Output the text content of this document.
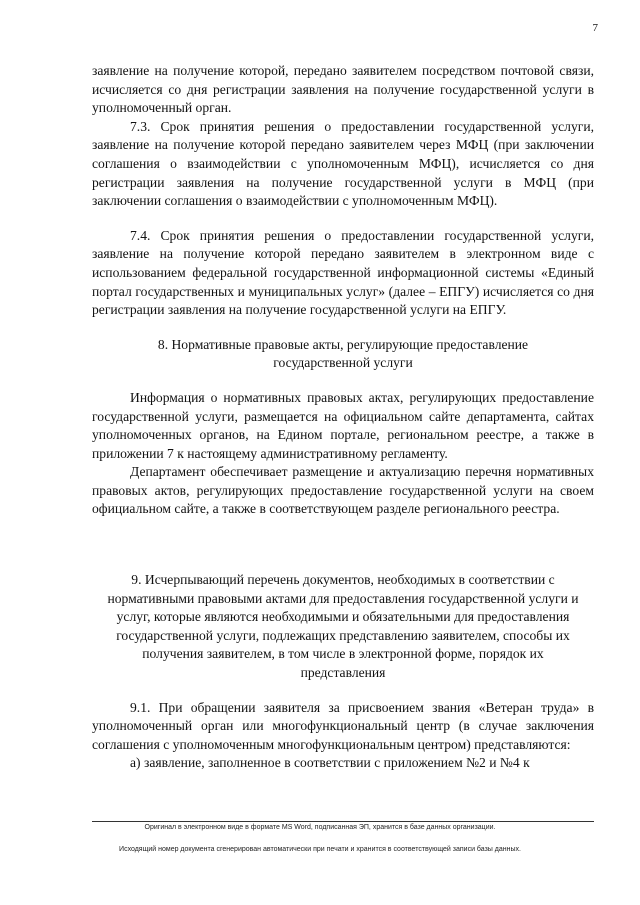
7

заявление на получение которой, передано заявителем посредством почтовой связи, исчисляется со дня регистрации заявления на получение государственной услуги в уполномоченный орган.

7.3. Срок принятия решения о предоставлении государственной услуги, заявление на получение которой передано заявителем через МФЦ (при заключении соглашения о взаимодействии с уполномоченным МФЦ), исчисляется со дня регистрации заявления на получение государственной услуги в МФЦ (при заключении соглашения о взаимодействии с уполномоченным МФЦ).

7.4. Срок принятия решения о предоставлении государственной услуги, заявление на получение которой передано заявителем в электронном виде с использованием федеральной государственной информационной системы «Единый портал государственных и муниципальных услуг» (далее – ЕПГУ) исчисляется со дня регистрации заявления на получение государственной услуги на ЕПГУ.

8. Нормативные правовые акты, регулирующие предоставление государственной услуги

Информация о нормативных правовых актах, регулирующих предоставление государственной услуги, размещается на официальном сайте департамента, сайтах уполномоченных органов, на Едином портале, региональном реестре, а также в приложении 7 к настоящему административному регламенту.

Департамент обеспечивает размещение и актуализацию перечня нормативных правовых актов, регулирующих предоставление государственной услуги на своем официальном сайте, а также в соответствующем разделе регионального реестра.

9. Исчерпывающий перечень документов, необходимых в соответствии с нормативными правовыми актами для предоставления государственной услуги и услуг, которые являются необходимыми и обязательными для предоставления государственной услуги, подлежащих представлению заявителем, способы их получения заявителем, в том числе в электронной форме, порядок их представления

9.1. При обращении заявителя за присвоением звания «Ветеран труда» в уполномоченный орган или многофункциональный центр (в случае заключения соглашения с уполномоченным многофункциональным центром) представляются:

а) заявление, заполненное в соответствии с приложением №2 и №4 к

Оригинал в электронном виде в формате MS Word, подписанная ЭП, хранится в базе данных организации.
Исходящий номер документа сгенерирован автоматически при печати и хранится в соответствующей записи базы данных.
